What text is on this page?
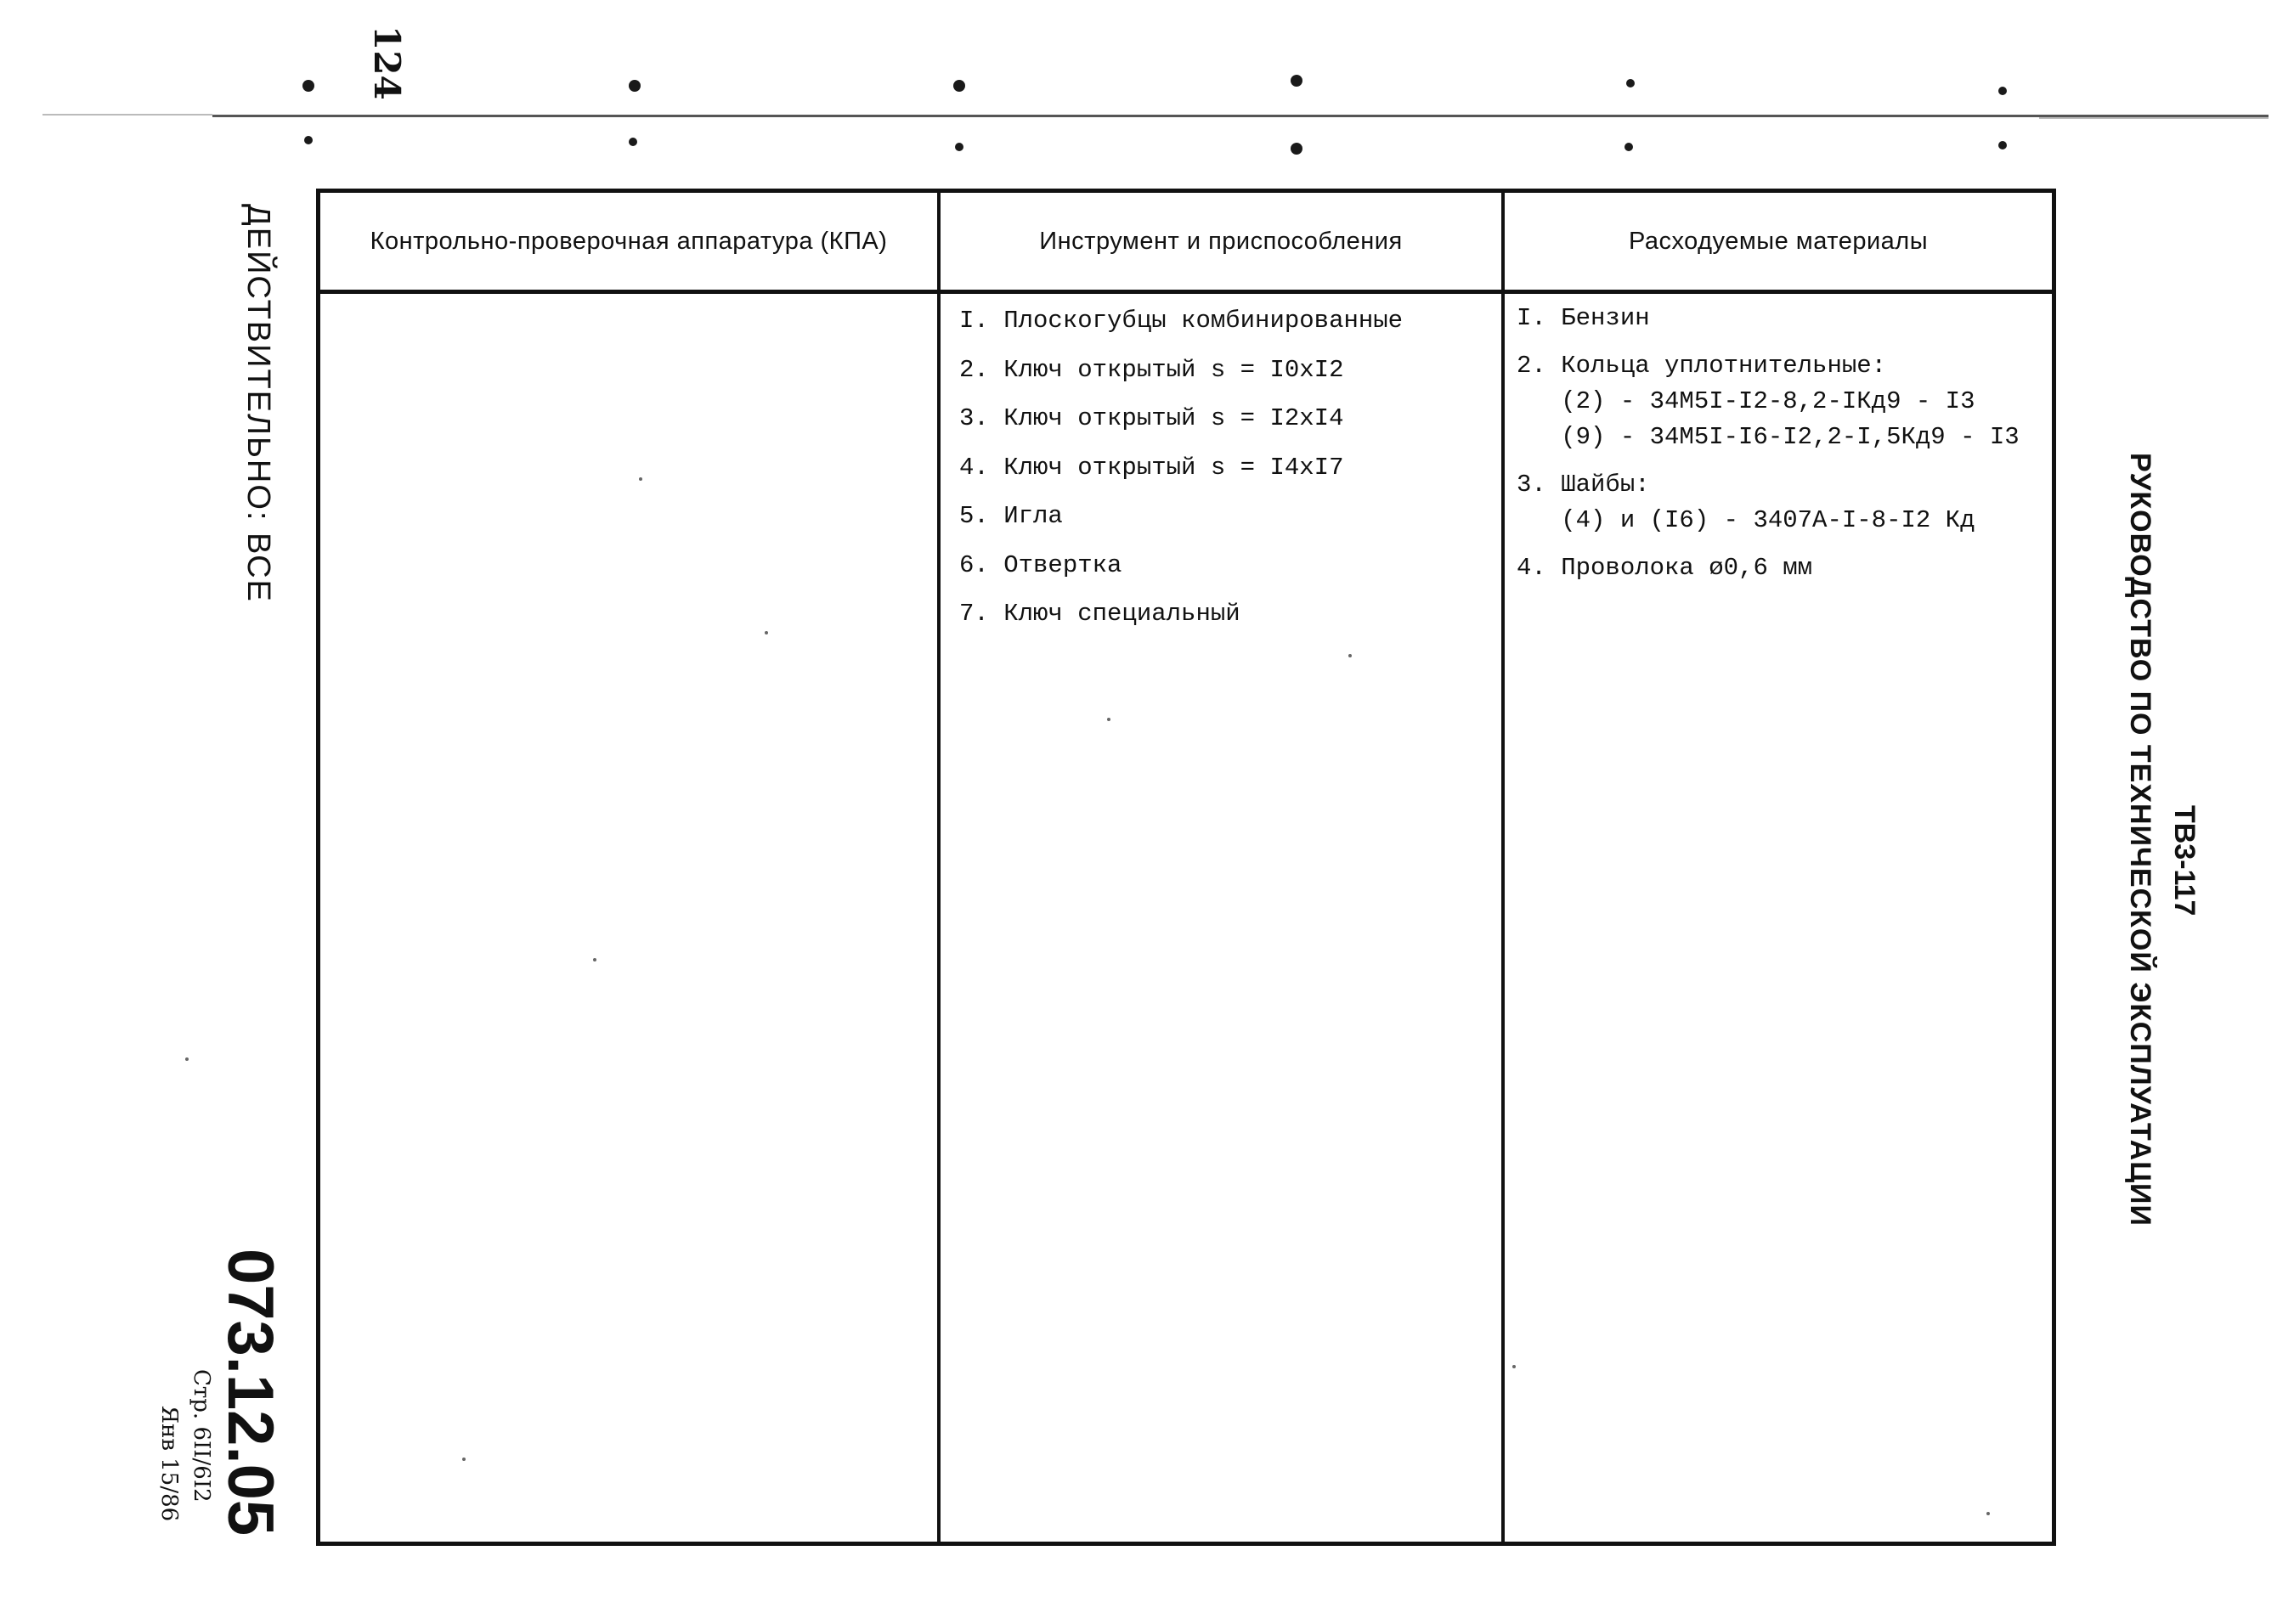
124
ДЕЙСТВИТЕЛЬНО: ВСЕ
073.12.05
Стр. 6II/6I2
Янв 15/86
РУКОВОДСТВО ПО ТЕХНИЧЕСКОЙ ЭКСПЛУАТАЦИИ ТВ3-117
Контрольно-проверочная аппаратура (КПА)	Инструмент и приспособления	Расходуемые материалы
I. Плоскогубцы комбинированные
2. Ключ открытый s = I0xI2
3. Ключ открытый s = I2xI4
4. Ключ открытый s = I4xI7
5. Игла
6. Отвертка
7. Ключ специальный
I. Бензин
2. Кольца уплотнительные:
(2) - 34M5I-I2-8,2-IКд9 - I3
(9) - 34M5I-I6-I2,2-I,5Кд9 - I3
3. Шайбы:
(4) и (I6) - 3407A-I-8-I2 Кд
4. Проволока ø0,6 мм
